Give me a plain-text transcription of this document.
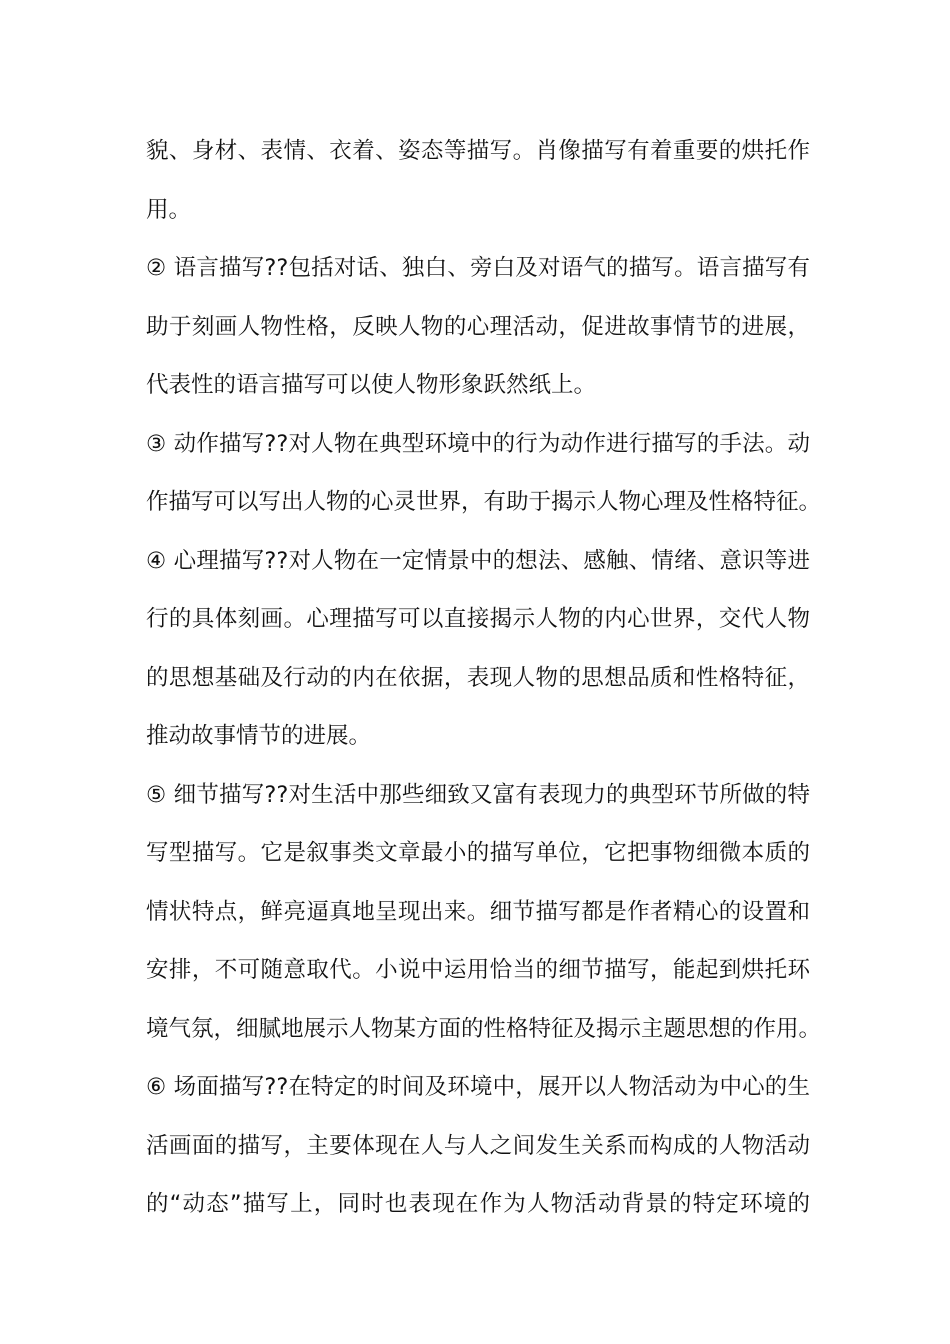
貌、身材、表情、衣着、姿态等描写。肖像描写有着重要的烘托作
用。
② 语言描写??包括对话、独白、旁白及对语气的描写。语言描写有
助于刻画人物性格，反映人物的心理活动，促进故事情节的进展，
代表性的语言描写可以使人物形象跃然纸上。
③ 动作描写??对人物在典型环境中的行为动作进行描写的手法。动
作描写可以写出人物的心灵世界，有助于揭示人物心理及性格特征。
④ 心理描写??对人物在一定情景中的想法、感触、情绪、意识等进
行的具体刻画。心理描写可以直接揭示人物的内心世界，交代人物
的思想基础及行动的内在依据，表现人物的思想品质和性格特征，
推动故事情节的进展。
⑤ 细节描写??对生活中那些细致又富有表现力的典型环节所做的特
写型描写。它是叙事类文章最小的描写单位，它把事物细微本质的
情状特点，鲜亮逼真地呈现出来。细节描写都是作者精心的设置和
安排，不可随意取代。小说中运用恰当的细节描写，能起到烘托环
境气氛，细腻地展示人物某方面的性格特征及揭示主题思想的作用。
⑥ 场面描写??在特定的时间及环境中，展开以人物活动为中心的生
活画面的描写，主要体现在人与人之间发生关系而构成的人物活动
的“动态”描写上，同时也表现在作为人物活动背景的特定环境的
